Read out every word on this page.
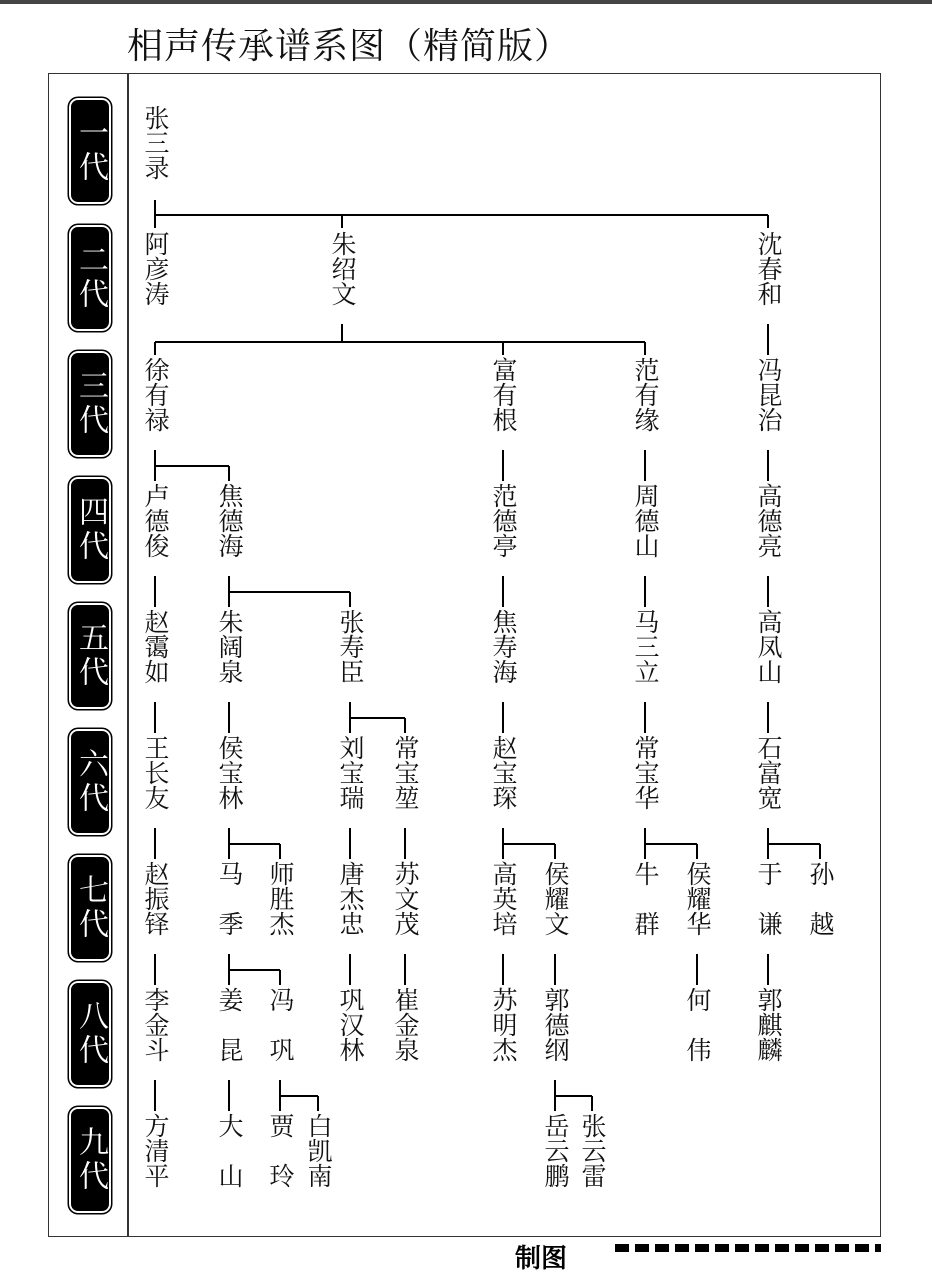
相声传承谱系图（精简版）
一代
二代
三代
四代
五代
六代
七代
八代
九代
张三录
阿彦涛	朱绍文	沈春和
徐有禄	富有根	范有缘	冯昆治
卢德俊 焦德海	范德亭	周德山	高德亮
赵霭如 朱阔泉	张寿臣	焦寿海	马三立	高凤山
王长友 侯宝林	刘宝瑞 常宝堃	赵宝琛	常宝华	石富宽
赵振铎 马　季 师胜杰 唐杰忠 苏文茂	高英培 侯耀文 牛　群 侯耀华 于　谦 孙　越
李金斗 姜　昆 冯　巩 巩汉林 崔金泉	苏明杰 郭德纲	何　伟 郭麒麟
方清平 大　山 贾　玲 白凯南	岳云鹏 张云雷
制图
